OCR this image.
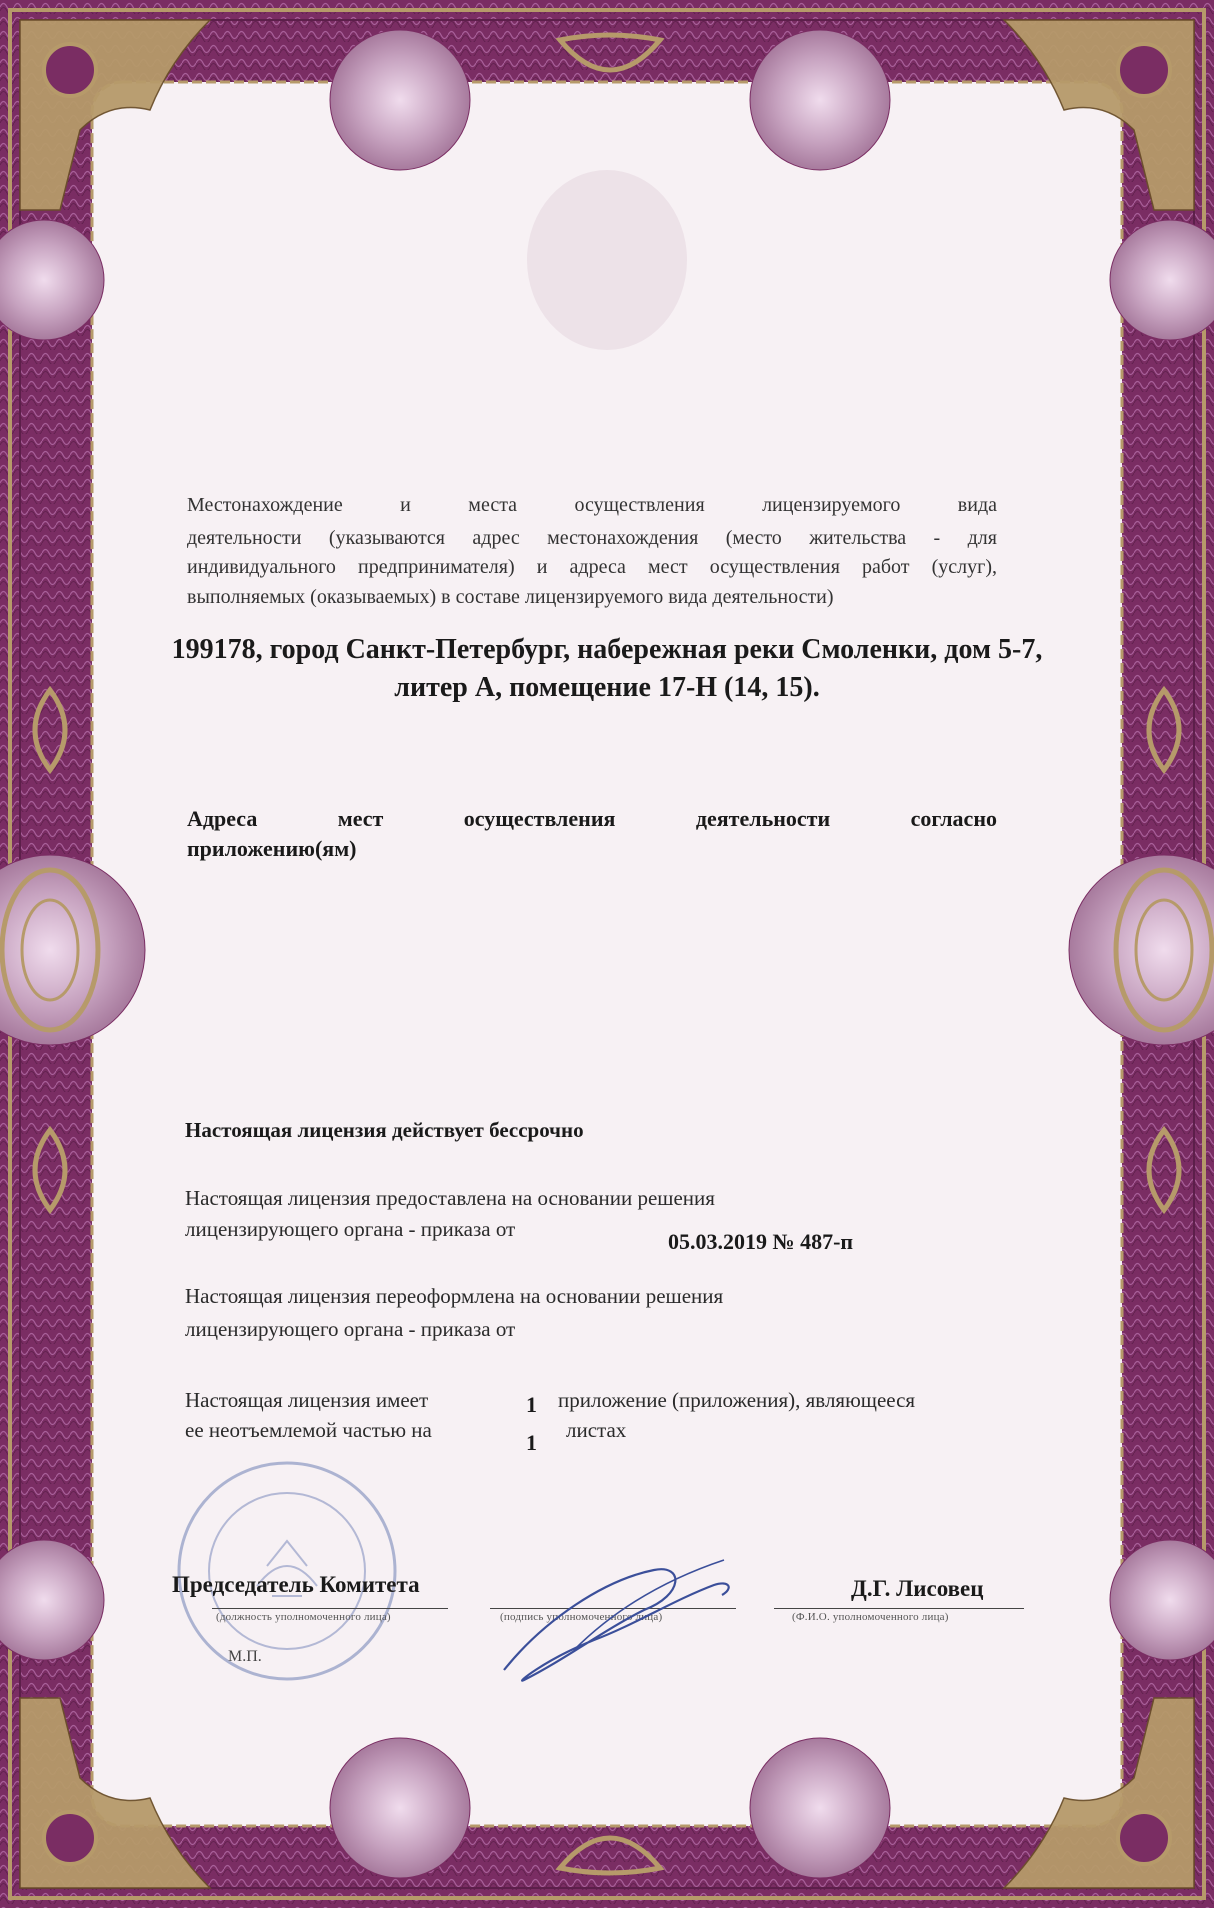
Местонахождение и места осуществления лицензируемого вида
деятельности (указываются адрес местонахождения (место жительства - для
индивидуального предпринимателя) и адреса мест осуществления работ (услуг),
выполняемых (оказываемых) в составе лицензируемого вида деятельности)
199178, город Санкт-Петербург, набережная реки Смоленки, дом 5-7,
литер А, помещение 17-Н (14, 15).
Адреса мест осуществления деятельности согласно
приложению(ям)
Настоящая лицензия действует бессрочно
Настоящая лицензия предоставлена на основании решения
лицензирующего органа - приказа от	05.03.2019 № 487-п
Настоящая лицензия переоформлена на основании решения
лицензирующего органа - приказа от
Настоящая лицензия имеет	1 приложение (приложения), являющееся
ее неотъемлемой частью на	1 листах
Председатель Комитета
(должность уполномоченного лица)	(подпись уполномоченного лица)
Д.Г. Лисовец
(Ф.И.О. уполномоченного лица)
М.П.
